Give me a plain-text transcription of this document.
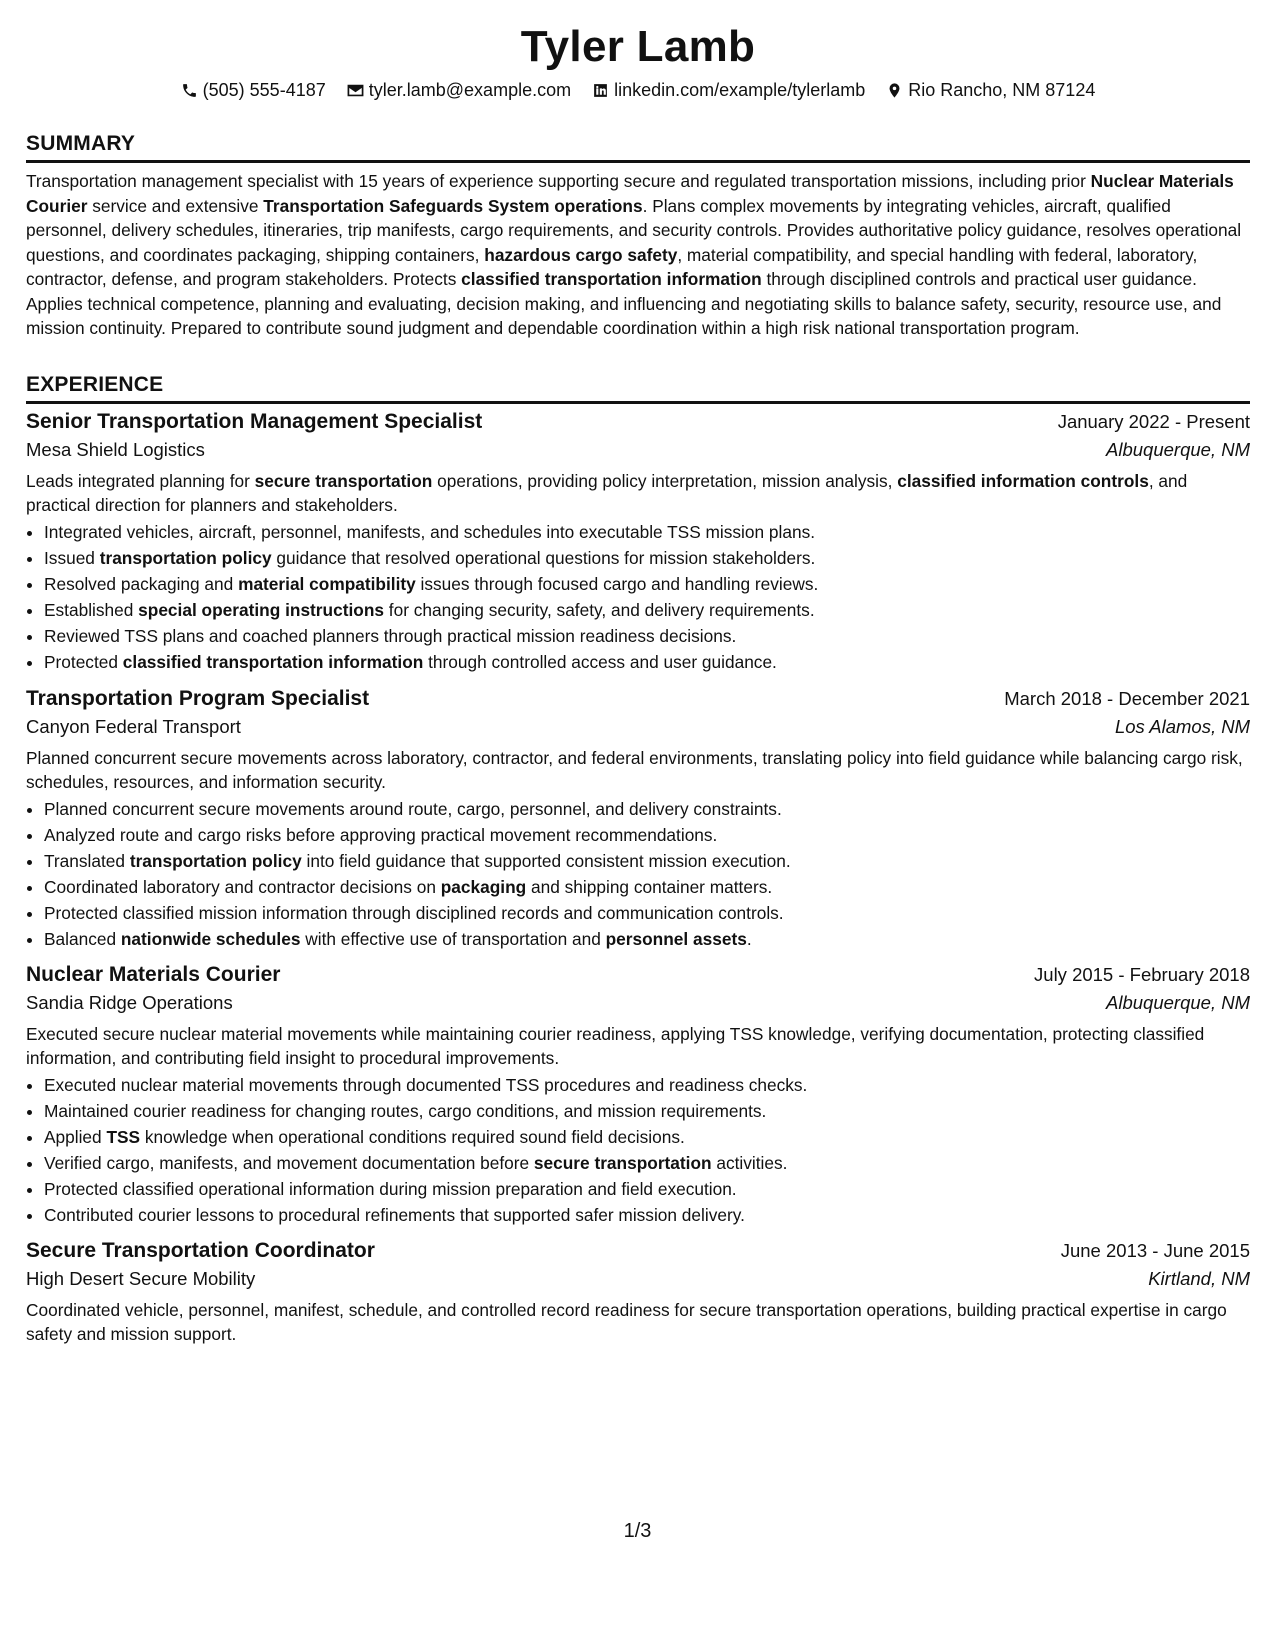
Tyler Lamb
(505) 555-4187
tyler.lamb@example.com
linkedin.com/example/tylerlamb
Rio Rancho, NM 87124
SUMMARY
Transportation management specialist with 15 years of experience supporting secure and regulated transportation missions, including prior Nuclear Materials Courier service and extensive Transportation Safeguards System operations. Plans complex movements by integrating vehicles, aircraft, qualified personnel, delivery schedules, itineraries, trip manifests, cargo requirements, and security controls. Provides authoritative policy guidance, resolves operational questions, and coordinates packaging, shipping containers, hazardous cargo safety, material compatibility, and special handling with federal, laboratory, contractor, defense, and program stakeholders. Protects classified transportation information through disciplined controls and practical user guidance. Applies technical competence, planning and evaluating, decision making, and influencing and negotiating skills to balance safety, security, resource use, and mission continuity. Prepared to contribute sound judgment and dependable coordination within a high risk national transportation program.
EXPERIENCE
Senior Transportation Management Specialist	January 2022 - Present
Mesa Shield Logistics	Albuquerque, NM
Leads integrated planning for secure transportation operations, providing policy interpretation, mission analysis, classified information controls, and practical direction for planners and stakeholders.
• Integrated vehicles, aircraft, personnel, manifests, and schedules into executable TSS mission plans.
• Issued transportation policy guidance that resolved operational questions for mission stakeholders.
• Resolved packaging and material compatibility issues through focused cargo and handling reviews.
• Established special operating instructions for changing security, safety, and delivery requirements.
• Reviewed TSS plans and coached planners through practical mission readiness decisions.
• Protected classified transportation information through controlled access and user guidance.
Transportation Program Specialist	March 2018 - December 2021
Canyon Federal Transport	Los Alamos, NM
Planned concurrent secure movements across laboratory, contractor, and federal environments, translating policy into field guidance while balancing cargo risk, schedules, resources, and information security.
• Planned concurrent secure movements around route, cargo, personnel, and delivery constraints.
• Analyzed route and cargo risks before approving practical movement recommendations.
• Translated transportation policy into field guidance that supported consistent mission execution.
• Coordinated laboratory and contractor decisions on packaging and shipping container matters.
• Protected classified mission information through disciplined records and communication controls.
• Balanced nationwide schedules with effective use of transportation and personnel assets.
Nuclear Materials Courier	July 2015 - February 2018
Sandia Ridge Operations	Albuquerque, NM
Executed secure nuclear material movements while maintaining courier readiness, applying TSS knowledge, verifying documentation, protecting classified information, and contributing field insight to procedural improvements.
• Executed nuclear material movements through documented TSS procedures and readiness checks.
• Maintained courier readiness for changing routes, cargo conditions, and mission requirements.
• Applied TSS knowledge when operational conditions required sound field decisions.
• Verified cargo, manifests, and movement documentation before secure transportation activities.
• Protected classified operational information during mission preparation and field execution.
• Contributed courier lessons to procedural refinements that supported safer mission delivery.
Secure Transportation Coordinator	June 2013 - June 2015
High Desert Secure Mobility	Kirtland, NM
Coordinated vehicle, personnel, manifest, schedule, and controlled record readiness for secure transportation operations, building practical expertise in cargo safety and mission support.
1/3
